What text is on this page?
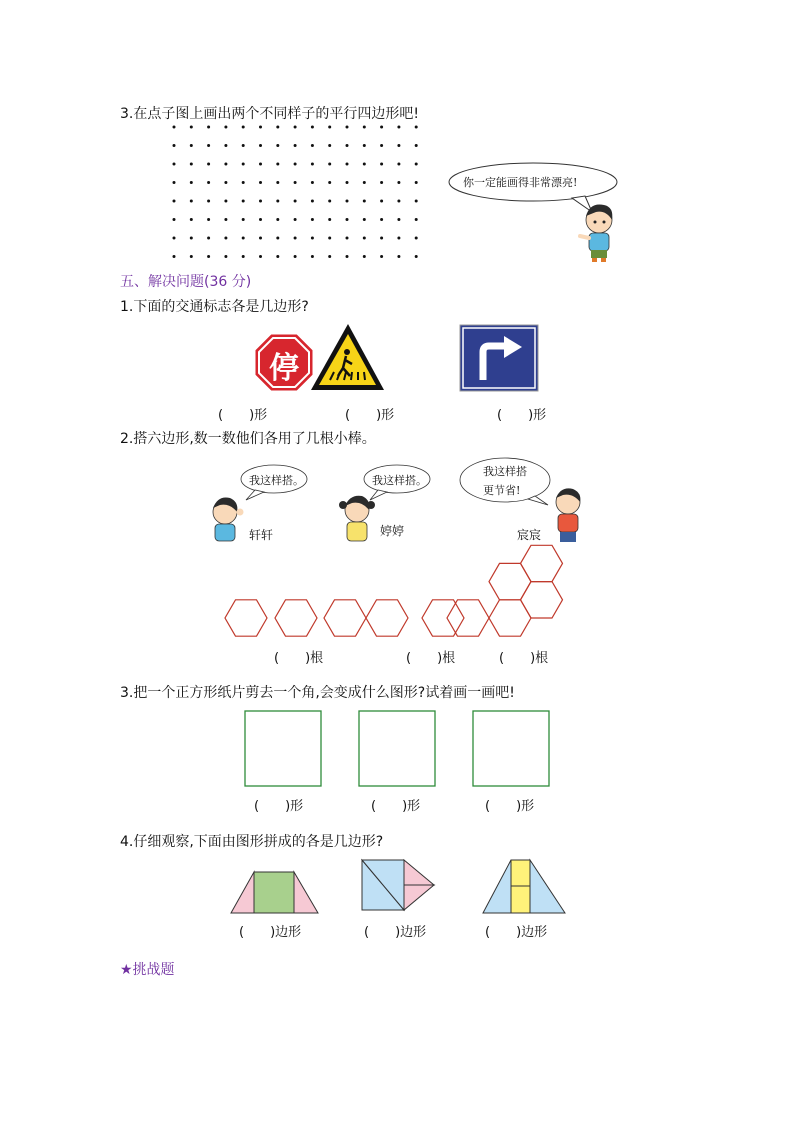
3.在点子图上画出两个不同样子的平行四边形吧!
你一定能画得非常漂亮!
五、解决问题(36 分)
1.下面的交通标志各是几边形?
停
(　　)形	(　　)形	(　　)形
2.搭六边形,数一数他们各用了几根小棒。
我这样搭。	我这样搭。
我这样搭
更节省!
轩轩	婷婷	宸宸
(　　)根	(　　)根	(　　)根
3.把一个正方形纸片剪去一个角,会变成什么图形?试着画一画吧!
(　　)形	(　　)形	(　　)形
4.仔细观察,下面由图形拼成的各是几边形?
(　　)边形	(　　)边形	(　　)边形
★挑战题
